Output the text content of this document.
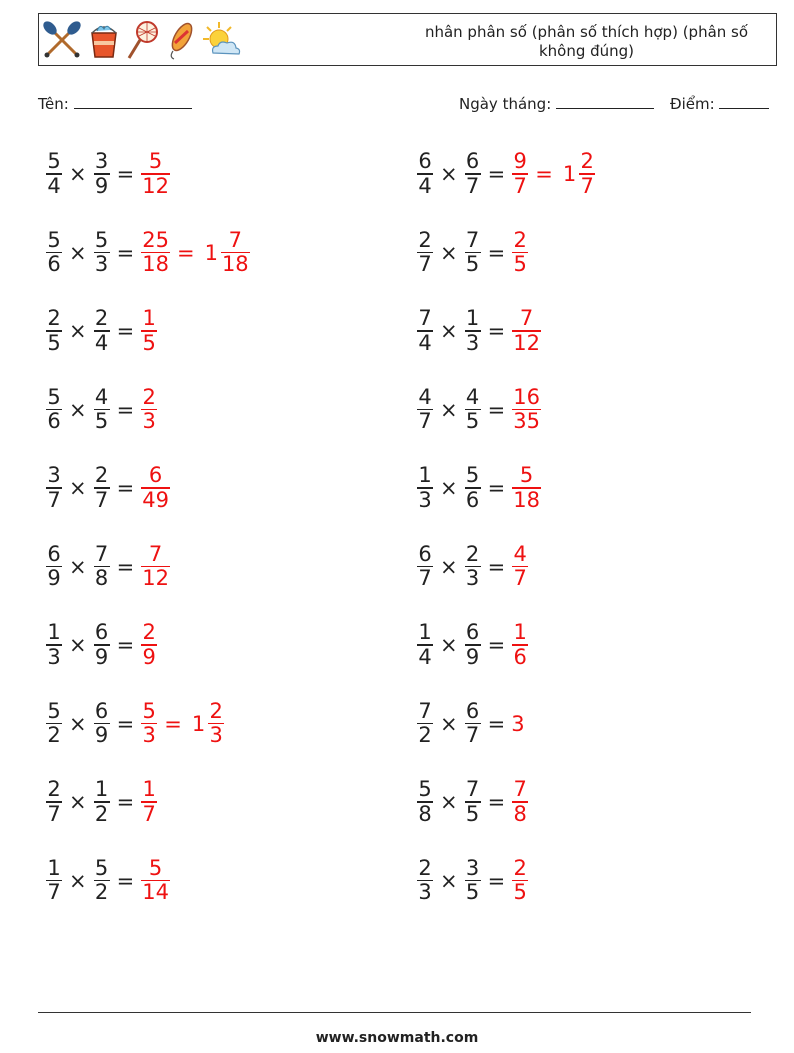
nhân phân số (phân số thích hợp) (phân số không đúng)
Tên:	Ngày tháng:	Điểm:
$\frac{5}{4} \times \frac{3}{9} = \frac{5}{12}$	$\frac{6}{4} \times \frac{6}{7} = \frac{9}{7} = 1 \frac{2}{7}$
$\frac{5}{6} \times \frac{5}{3} = \frac{25}{18} = 1 \frac{7}{18}$	$\frac{2}{7} \times \frac{7}{5} = \frac{2}{5}$
$\frac{2}{5} \times \frac{2}{4} = \frac{1}{5}$	$\frac{7}{4} \times \frac{1}{3} = \frac{7}{12}$
$\frac{5}{6} \times \frac{4}{5} = \frac{2}{3}$	$\frac{4}{7} \times \frac{4}{5} = \frac{16}{35}$
$\frac{3}{7} \times \frac{2}{7} = \frac{6}{49}$	$\frac{1}{3} \times \frac{5}{6} = \frac{5}{18}$
$\frac{6}{9} \times \frac{7}{8} = \frac{7}{12}$	$\frac{6}{7} \times \frac{2}{3} = \frac{4}{7}$
$\frac{1}{3} \times \frac{6}{9} = \frac{2}{9}$	$\frac{1}{4} \times \frac{6}{9} = \frac{1}{6}$
$\frac{5}{2} \times \frac{6}{9} = \frac{5}{3} = 1 \frac{2}{3}$	$\frac{7}{2} \times \frac{6}{7} = 3$
$\frac{2}{7} \times \frac{1}{2} = \frac{1}{7}$	$\frac{5}{8} \times \frac{7}{5} = \frac{7}{8}$
$\frac{1}{7} \times \frac{5}{2} = \frac{5}{14}$	$\frac{2}{3} \times \frac{3}{5} = \frac{2}{5}$
www.snowmath.com
